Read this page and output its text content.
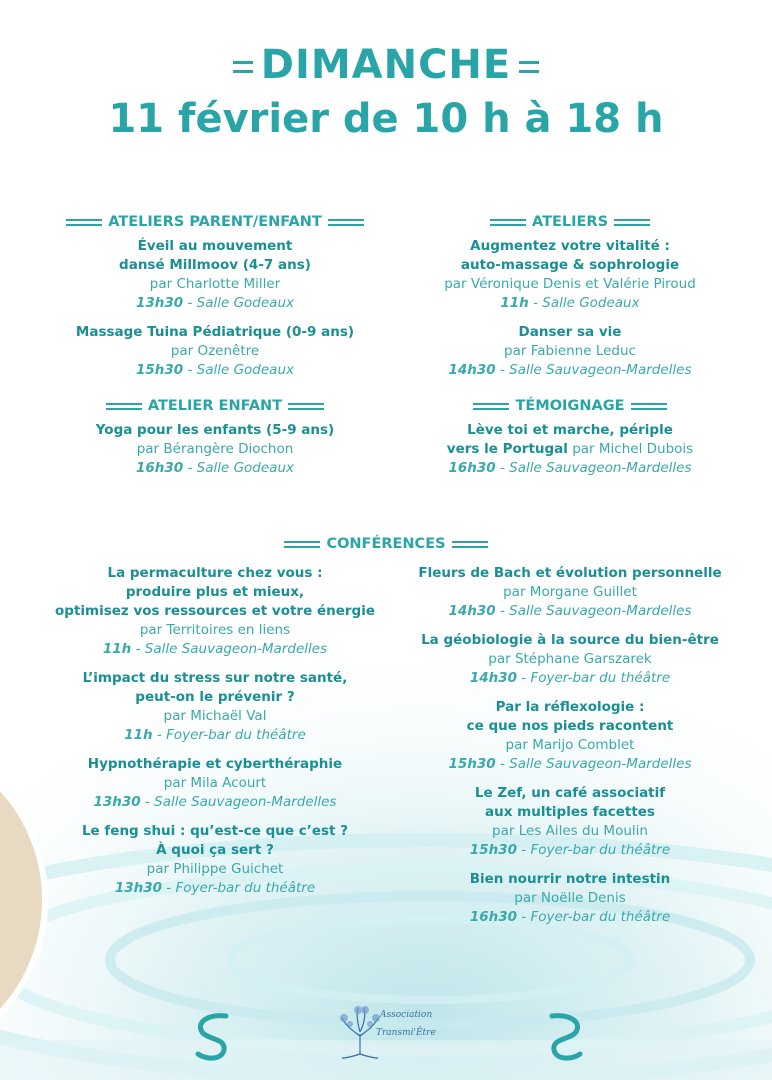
DIMANCHE
11 février de 10 h à 18 h
ATELIERS PARENT/ENFANT
Éveil au mouvement
dansé Millmoov (4-7 ans)
par Charlotte Miller
13h30 - Salle Godeaux
Massage Tuina Pédiatrique (0-9 ans)
par Ozenêtre
15h30 - Salle Godeaux
ATELIER ENFANT
Yoga pour les enfants (5-9 ans)
par Bérangère Diochon
16h30 - Salle Godeaux
ATELIERS
Augmentez votre vitalité :
auto-massage & sophrologie
par Véronique Denis et Valérie Piroud
11h - Salle Godeaux
Danser sa vie
par Fabienne Leduc
14h30 - Salle Sauvageon-Mardelles
TÉMOIGNAGE
Lève toi et marche, périple
vers le Portugal par Michel Dubois
16h30 - Salle Sauvageon-Mardelles
CONFÉRENCES
La permaculture chez vous :
produire plus et mieux,
optimisez vos ressources et votre énergie
par Territoires en liens
11h - Salle Sauvageon-Mardelles
L’impact du stress sur notre santé,
peut-on le prévenir ?
par Michaël Val
11h - Foyer-bar du théâtre
Hypnothérapie et cyberthéraphie
par Mila Acourt
13h30 - Salle Sauvageon-Mardelles
Le feng shui : qu’est-ce que c’est ?
À quoi ça sert ?
par Philippe Guichet
13h30 - Foyer-bar du théâtre
Fleurs de Bach et évolution personnelle
par Morgane Guillet
14h30 - Salle Sauvageon-Mardelles
La géobiologie à la source du bien-être
par Stéphane Garszarek
14h30 - Foyer-bar du théâtre
Par la réflexologie :
ce que nos pieds racontent
par Marijo Comblet
15h30 - Salle Sauvageon-Mardelles
Le Zef, un café associatif
aux multiples facettes
par Les Ailes du Moulin
15h30 - Foyer-bar du théâtre
Bien nourrir notre intestin
par Noëlle Denis
16h30 - Foyer-bar du théâtre
Association
Transmi'Être
